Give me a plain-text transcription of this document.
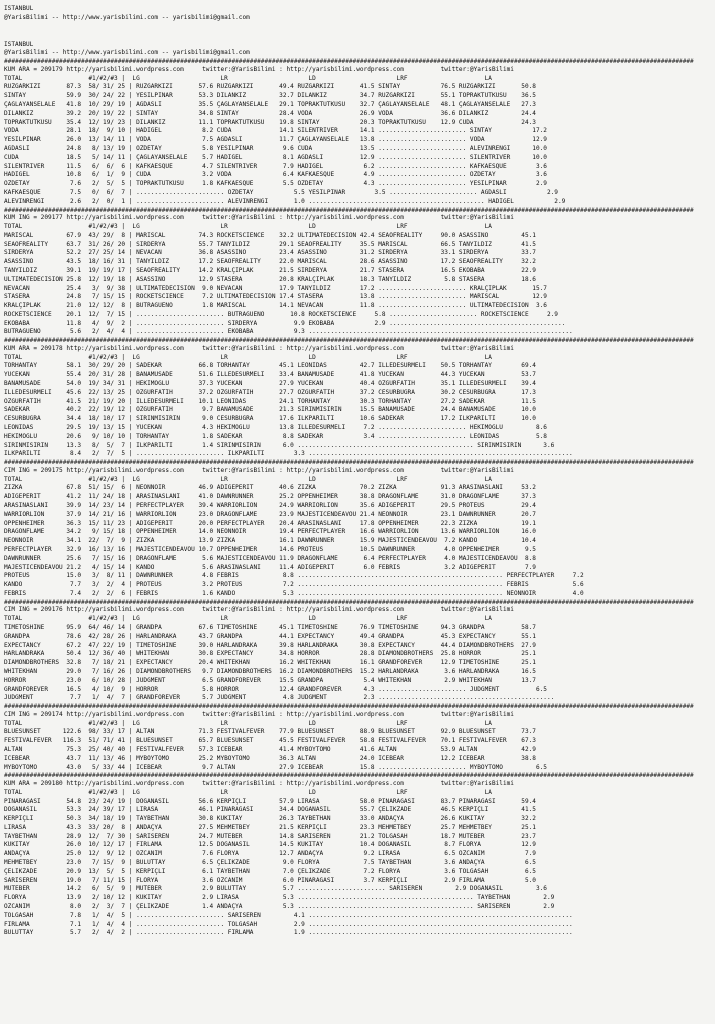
ISTANBUL
@YarisBilimi -- http://www.yarisbilimi.com -- yarisbilimi@gmail.com
ISTANBUL
@YarisBilimi -- http://www.yarisbilimi.com -- yarisbilimi@gmail.com
############################################################################################################################################################################################
KUM ARA = 209179 http://yarisbilimi.wordpress.com     twitter:@YarisBilimi : http://yarisbilimi.wordpress.com          twitter:@YarisBilimi
TOTAL                  #1/#2/#3 |  LG                      LR                      LD                      LRF                     LA
RÜZGARKIZI       87.3  58/ 31/ 25 | RÜZGARKIZI       57.6 RÜZGARKIZI       49.4 RÜZGARKIZI       41.5 SINTAY           76.5 RÜZGARKIZI       50.8
SINTAY           59.9  30/ 24/ 22 | YESILPINAR       53.3 DILANKIZ         32.7 DILANKIZ         34.7 RÜZGARKIZI       55.1 TOPRAKTUTKUSU    36.5
ÇAGLAYANSELALE   41.8  10/ 29/ 19 | AGDASLI          35.5 ÇAGLAYANSELALE   29.1 TOPRAKTUTKUSU    32.7 ÇAGLAYANSELALE   48.1 ÇAGLAYANSELALE   27.3
DILANKIZ         39.2  20/ 19/ 22 | SINTAY           34.8 SINTAY           28.4 VODA             26.9 VODA             36.6 DILANKIZ         24.4
TOPRAKTUTKUSU    35.4  12/ 19/ 23 | DILANKIZ         11.1 TOPRAKTUTKUSU    19.8 SINTAY           20.3 TOPRAKTUTKUSU    12.9 CÜDA             24.3
VODA             28.1  18/  9/ 10 | HADIGEL           8.2 CÜDA             14.1 SILENTRIVER      14.1 ........................ SINTAY           17.2
YESILPINAR       26.0  13/ 14/ 11 | VODA              7.5 AGDASLI          11.7 ÇAGLAYANSELALE   13.8 ........................ VODA             12.9
AGDASLI          24.8   8/ 13/ 19 | ÖZDETAY           5.8 YESILPINAR        9.6 CÜDA             13.5 ........................ ALEVINRENGI      10.0
CÜDA             18.5   5/ 14/ 11 | ÇAGLAYANSELALE    5.7 HADIGEL           8.1 AGDASLI          12.9 ........................ SILENTRIVER      10.0
SILENTRIVER      11.5   6/  6/  6 | KAFKAESQUE        4.7 SILENTRIVER       7.9 HADIGEL           6.2 ........................ KAFKAESQUE        3.6
HADIGEL          10.8   6/  1/  9 | CÜDA              3.2 VODA              6.4 KAFKAESQUE        4.9 ........................ ÖZDETAY           3.6
ÖZDETAY           7.6   2/  5/  5 | TOPRAKTUTKUSU     1.8 KAFKAESQUE        5.5 ÖZDETAY           4.3 ........................ YESILPINAR        2.9
KAFKAESQUE        7.5   0/  6/  7 | ........................ ÖZDETAY           5.5 YESILPINAR        3.5 ........................ AGDASLI           2.9
ALEVINRENGI       2.6   2/  0/  1 | ........................ ALEVINRENGI       1.0 ................................................ HADIGEL           2.9
############################################################################################################################################################################################
KUM ING = 209177 http://yarisbilimi.wordpress.com     twitter:@YarisBilimi : http://yarisbilimi.wordpress.com          twitter:@YarisBilimi
TOTAL                  #1/#2/#3 |  LG                      LR                      LD                      LRF                     LA
MARISCAL         67.9  43/ 29/  8 | MARISCAL         74.3 ROCKETSCIENCE    32.2 ULTIMATEDECISION 42.4 SEAOFREALITY     90.0 ASASSINO         45.1
SEAOFREALITY     63.7  31/ 26/ 20 | SIRDERYA         55.7 TANYILDIZ        29.1 SEAOFREALITY     35.5 MARISCAL         66.5 TANYILDIZ        41.5
SIRDERYA         52.2  27/ 25/ 14 | NEVACAN          36.8 ASASSINO         23.4 ASASSINO         31.2 SIRDERYA         33.1 SIRDERYA         33.7
ASASSINO         43.5  18/ 16/ 31 | TANYILDIZ        17.2 SEAOFREALITY     22.0 MARISCAL         28.6 ASASSINO         17.2 SEAOFREALITY     32.2
TANYILDIZ        39.1  19/ 19/ 17 | SEAOFREALITY     14.2 KRALÇIPLAK       21.5 SIRDERYA         21.7 STASERA          16.5 EKOBABA          22.9
ULTIMATEDECISION 25.8  12/ 19/ 18 | ASASSINO         12.9 STASERA          20.8 KRALÇIPLAK       18.3 TANYILDIZ         5.8 STASERA          18.6
NEVACAN          25.4   3/  9/ 38 | ULTIMATEDECISION  9.0 NEVACAN          17.9 TANYILDIZ        17.2 ........................ KRALÇIPLAK       15.7
STASERA          24.8   7/ 15/ 15 | ROCKETSCIENCE     7.2 ULTIMATEDECISION 17.4 STASERA          13.8 ........................ MARISCAL         12.9
KRALÇIPLAK       21.0  12/ 12/  8 | BUTRAGUENO        1.8 MARISCAL         14.1 NEVACAN          11.8 ........................ ULTIMATEDECISION  3.6
ROCKETSCIENCE    20.1  12/  7/ 15 | ........................ BUTRAGUENO       10.8 ROCKETSCIENCE     5.8 ........................ ROCKETSCIENCE     2.9
EKOBABA          11.8   4/  9/  2 | ........................ SIRDERYA          9.9 EKOBABA           2.9 ................................................
BUTRAGUENO        5.6   2/  4/  4 | ........................ EKOBABA           9.3 ........................................................................
############################################################################################################################################################################################
KUM ARA = 209178 http://yarisbilimi.wordpress.com     twitter:@YarisBilimi : http://yarisbilimi.wordpress.com          twitter:@YarisBilimi
TOTAL                  #1/#2/#3 |  LG                      LR                      LD                      LRF                     LA
TORHANTAY        58.1  30/ 29/ 20 | SADEKAR          66.8 TORHANTAY        45.1 LEONIDAS         42.7 ILLEDESÜRMELI    50.5 TORHANTAY        69.4
YÜCEKAN          55.4  20/ 31/ 28 | BANAMÜSADE       51.6 ILLEDESÜRMELI    33.4 BANAMÜSADE       41.8 YÜCEKAN          44.3 YÜCEKAN          53.7
BANAMÜSADE       54.0  19/ 34/ 31 | HEKIMOGLU        37.3 YÜCEKAN          27.9 YÜCEKAN          40.4 ÖZGÜRFATIH       35.1 ILLEDESÜRMELI    39.4
ILLEDESÜRMELI    45.6  22/ 13/ 25 | ÖZGÜRFATIH       37.2 ÖZGÜRFATIH       27.7 ÖZGÜRFATIH       37.2 CESURBUGRA       30.2 CESURBUGRA       17.3
ÖZGÜRFATIH       41.5  21/ 19/ 20 | ILLEDESÜRMELI    10.1 LEONIDAS         24.1 TORHANTAY        30.3 TORHANTAY        27.2 SADEKAR          11.5
SADEKAR          40.2  22/ 19/ 12 | ÖZGÜRFATIH        9.7 BANAMÜSADE       21.3 SIRINMISIRIN     15.5 BANAMÜSADE       24.4 BANAMÜSADE       10.0
CESURBUGRA       34.4  18/ 10/ 17 | SIRINMISIRIN      9.0 CESURBUGRA       17.6 ILKPARILTI       10.6 SADEKAR          17.2 ILKPARILTI       10.0
LEONIDAS         29.5  19/ 13/ 15 | YÜCEKAN           4.3 HEKIMOGLU        13.8 ILLEDESÜRMELI     7.2 ........................ HEKIMOGLU         8.6
HEKIMOGLU        20.6   9/ 10/ 10 | TORHANTAY         1.8 SADEKAR           8.8 SADEKAR           3.4 ........................ LEONIDAS          5.8
SIRINMISIRIN     13.3   8/  5/  7 | ILKPARILTI        1.4 SIRINMISIRIN      6.0 ................................................ SIRINMISIRIN      3.6
ILKPARILTI        8.4   2/  7/  5 | ........................ ILKPARILTI        3.3 ........................................................................
############################################################################################################################################################################################
CIM ING = 209175 http://yarisbilimi.wordpress.com     twitter:@YarisBilimi : http://yarisbilimi.wordpress.com          twitter:@YarisBilimi
TOTAL                  #1/#2/#3 |  LG                      LR                      LD                      LRF                     LA
ZIZKA            67.8  51/ 15/  6 | NEONNOIR         46.9 ADIGEPERIT       40.6 ZIZKA            70.2 ZIZKA            91.3 ARASINASLANI     53.2
ADIGEPERIT       41.2  11/ 24/ 18 | ARASINASLANI     41.0 DAWNRUNNER       25.2 OPPENHEIMER      38.8 DRAGONFLAME      31.0 DRAGONFLAME      37.3
ARASINASLANI     39.9  14/ 23/ 14 | PERFECTPLAYER    39.4 WARRIORLION      24.9 WARRIORLION      35.6 ADIGEPERIT       29.5 PROTEUS          29.4
WARRIORLION      37.9  14/ 21/ 16 | WARRIORLION      23.0 DRAGONFLAME      23.9 MAJESTICENDEAVOU 21.4 NEONNOIR         23.1 DAWNRUNNER       20.7
OPPENHEIMER      36.3  15/ 11/ 23 | ADIGEPERIT       20.0 PERFECTPLAYER    20.4 ARASINASLANI     17.8 OPPENHEIMER      22.3 ZIZKA            19.1
DRAGONFLAME      34.2   9/ 15/ 18 | OPPENHEIMER      14.0 NEONNOIR         19.4 PERFECTPLAYER    16.6 WARRIORLION      13.6 WARRIORLION      16.0
NEONNOIR         34.1  22/  7/  9 | ZIZKA            13.9 ZIZKA            16.1 DAWNRUNNER       15.9 MAJESTICENDEAVOU  7.2 KANDO            10.4
PERFECTPLAYER    32.9  16/ 13/ 16 | MAJESTICENDEAVOU 10.7 OPPENHEIMER      14.6 PROTEUS          10.5 DAWNRUNNER        4.0 OPPENHEIMER       9.5
DAWNRUNNER       25.6   7/ 15/ 16 | DRAGONFLAME       5.6 MAJESTICENDEAVOU 11.9 DRAGONFLAME       6.4 PERFECTPLAYER     4.0 MAJESTICENDEAVOU  8.8
MAJESTICENDEAVOU 21.2   4/ 15/ 14 | KANDO             5.6 ARASINASLANI     11.4 ADIGEPERIT        6.0 FEBRIS            3.2 ADIGEPERIT        7.9
PROTEUS          15.0   3/  8/ 11 | DAWNRUNNER        4.8 FEBRIS            8.8 ........................................................ PERFECTPLAYER     7.2
KANDO             7.7   3/  2/  4 | PROTEUS           3.2 PROTEUS           7.2 ........................................................ FEBRIS            5.6
FEBRIS            7.4   2/  2/  6 | FEBRIS            1.6 KANDO             5.3 ........................................................ NEONNOIR          4.0
############################################################################################################################################################################################
CIM ING = 209176 http://yarisbilimi.wordpress.com     twitter:@YarisBilimi : http://yarisbilimi.wordpress.com          twitter:@YarisBilimi
TOTAL                  #1/#2/#3 |  LG                      LR                      LD                      LRF                     LA
TIMETOSHINE      95.9  64/ 46/ 14 | GRANDPA          67.6 TIMETOSHINE      45.1 TIMETOSHINE      76.9 TIMETOSHINE      94.3 GRANDPA          58.7
GRANDPA          78.6  42/ 28/ 26 | HARLANDRAKA      43.7 GRANDPA          44.1 EXPECTANCY       49.4 GRANDPA          45.3 EXPECTANCY       55.1
EXPECTANCY       67.2  47/ 22/ 19 | TIMETOSHINE      39.0 HARLANDRAKA      39.8 HARLANDRAKA      30.8 EXPECTANCY       44.4 DIAMONDBROTHERS  27.9
HARLANDRAKA      50.4  12/ 36/ 40 | WHITEKHAN        30.8 EXPECTANCY       34.8 HORROR           28.8 DIAMONDBROTHERS  25.8 HORROR           25.1
DIAMONDBROTHERS  32.8   7/ 18/ 21 | EXPECTANCY       20.4 WHITEKHAN        16.2 WHITEKHAN        16.1 GRANDFOREVER     12.9 TIMETOSHINE      25.1
WHITEKHAN        29.0   7/ 16/ 26 | DIAMONDBROTHERS   9.7 DIAMONDBROTHERS  16.2 DIAMONDBROTHERS  15.2 HARLANDRAKA       3.6 HARLANDRAKA      16.5
HORROR           23.0   6/ 10/ 28 | JUDGMENT          6.5 GRANDFOREVER     15.5 GRANDPA           5.4 WHITEKHAN         2.9 WHITEKHAN        13.7
GRANDFOREVER     16.5   4/ 10/  9 | HORROR            5.8 HORROR           12.4 GRANDFOREVER      4.3 ........................ JUDGMENT          6.5
JUDGMENT          7.7   1/  4/  7 | GRANDFOREVER      5.7 JUDGMENT          4.8 JUDGMENT          2.3 ................................................
############################################################################################################################################################################################
CIM ING = 209174 http://yarisbilimi.wordpress.com     twitter:@YarisBilimi : http://yarisbilimi.wordpress.com          twitter:@YarisBilimi
TOTAL                  #1/#2/#3 |  LG                      LR                      LD                      LRF                     LA
BLUESUNSET      122.6  98/ 33/ 17 | ALTAN            71.3 FESTIVALFEVER    77.9 BLUESUNSET       88.9 BLUESUNSET       92.9 BLUESUNSET       73.7
FESTIVALFEVER   116.3  51/ 71/ 41 | BLUESUNSET       65.7 BLUESUNSET       45.5 FESTIVALFEVER    58.8 FESTIVALFEVER    70.1 FESTIVALFEVER    67.3
ALTAN            75.3  25/ 40/ 40 | FESTIVALFEVER    57.3 ICEBEAR          41.4 MYBOYTOMO        41.6 ALTAN            53.9 ALTAN            42.9
ICEBEAR          43.7  11/ 13/ 46 | MYBOYTOMO        25.2 MYBOYTOMO        36.3 ALTAN            24.0 ICEBEAR          12.2 ICEBEAR          38.8
MYBOYTOMO        43.0   5/ 33/ 44 | ICEBEAR           9.7 ALTAN            27.9 ICEBEAR          15.8 ........................ MYBOYTOMO         6.5
############################################################################################################################################################################################
KUM ARA = 209180 http://yarisbilimi.wordpress.com     twitter:@YarisBilimi : http://yarisbilimi.wordpress.com          twitter:@YarisBilimi
TOTAL                  #1/#2/#3 |  LG                      LR                      LD                      LRF                     LA
PINARAGASI       54.8  23/ 24/ 19 | DOGANASIL        56.6 KERPIÇLI         57.9 LIRASA           58.0 PINARAGASI       83.7 PINARAGASI       59.4
DOGANASIL        53.3  24/ 39/ 17 | LIRASA           46.1 PINARAGASI       34.4 DOGANASIL        55.7 ÇELIKZADE        46.5 KERPIÇLI         41.5
KERPIÇLI         50.3  34/ 18/ 19 | TAYBETHAN        30.8 KUKITAY          26.3 TAYBETHAN        33.0 ANDAÇYA          26.6 KUKITAY          32.2
LIRASA           43.3  33/ 20/  8 | ANDAÇYA          27.5 MEHMETBEY        21.5 KERPIÇLI         23.3 MEHMETBEY        25.7 MEHMETBEY        25.1
TAYBETHAN        28.9  12/  7/ 30 | SARISEREN        24.7 MUTEBER          14.8 SARISEREN        21.2 TOLGASAH         18.7 MUTEBER          23.7
KUKITAY          26.0  10/ 12/ 17 | FIRLAMA          12.5 DOGANASIL        14.5 KUKITAY          10.4 DOGANASIL         8.7 FLORYA           12.9
ANDAÇYA          25.0  12/  9/ 12 | ÖZCANIM           7.6 FLORYA           12.7 ANDAÇYA           9.2 LIRASA            6.5 ÖZCANIM           7.9
MEHMETBEY        23.0   7/ 15/  9 | BULUTTAY          6.5 ÇELIKZADE         9.0 FLORYA            7.5 TAYBETHAN         3.6 ANDAÇYA           6.5
ÇELIKZADE        20.9  13/  5/  5 | KERPIÇLI          6.1 TAYBETHAN         7.0 ÇELIKZADE         7.2 FLORYA            3.6 TOLGASAH          6.5
SARISEREN        19.0   7/ 11/ 15 | FLORYA            3.6 ÖZCANIM           6.0 PINARAGASI        3.7 KERPIÇLI          2.9 FIRLAMA           5.0
MUTEBER          14.2   6/  5/  9 | MUTEBER           2.9 BULUTTAY          5.7 ........................ SARISEREN         2.9 DOGANASIL         3.6
FLORYA           13.9   2/ 10/ 12 | KUKITAY           2.9 LIRASA            5.3 ................................................ TAYBETHAN         2.9
ÖZCANIM           8.0   2/  3/  7 | ÇELIKZADE         1.4 ANDAÇYA           5.3 ................................................ SARISEREN         2.9
TOLGASAH          7.8   1/  4/  5 | ........................ SARISEREN         4.1 ........................................................................
FIRLAMA           7.1   1/  4/  4 | ........................ TOLGASAH          2.9 ........................................................................
BULUTTAY          5.7   2/  4/  2 | ........................ FIRLAMA           1.9 ........................................................................
